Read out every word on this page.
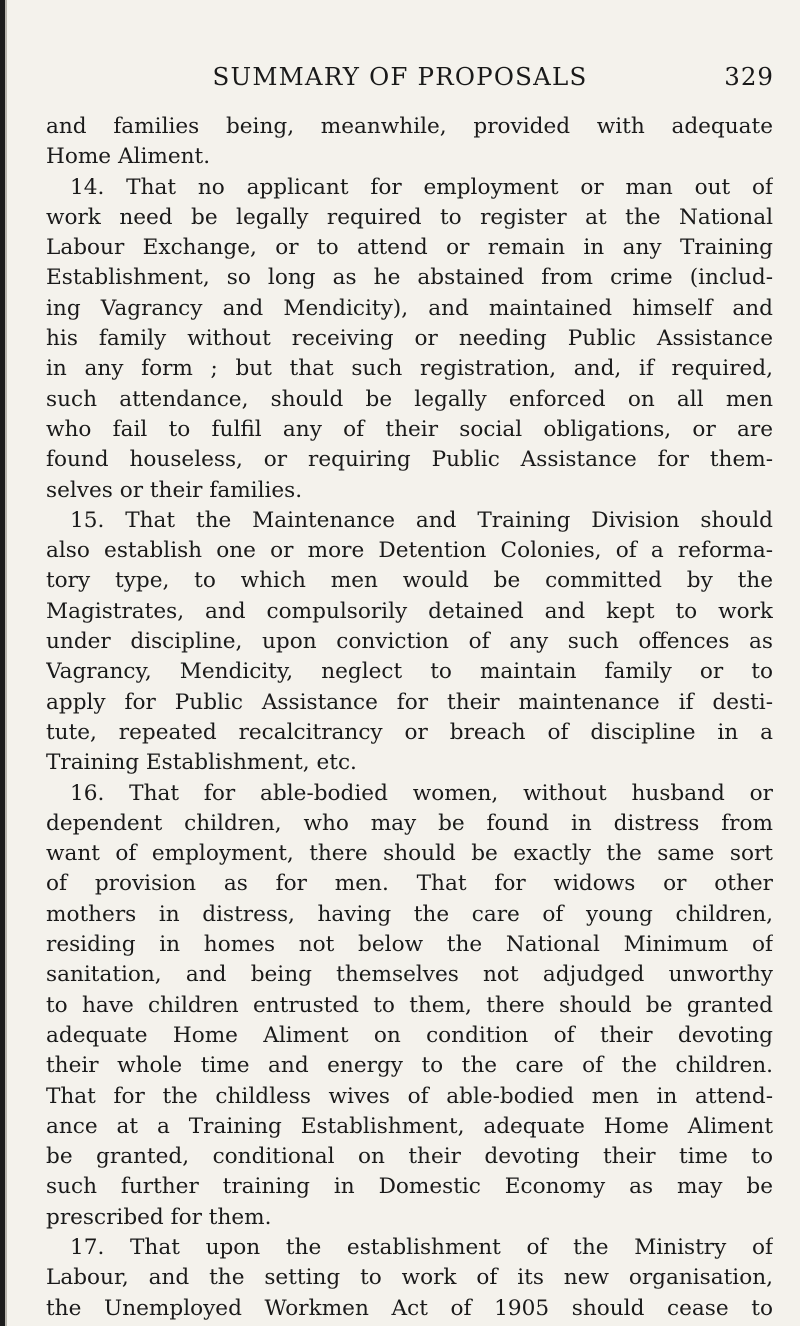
SUMMARY OF PROPOSALS	329
and families being, meanwhile, provided with adequate
Home Aliment.
14. That no applicant for employment or man out of
work need be legally required to register at the National
Labour Exchange, or to attend or remain in any Training
Establishment, so long as he abstained from crime (includ-
ing Vagrancy and Mendicity), and maintained himself and
his family without receiving or needing Public Assistance
in any form ; but that such registration, and, if required,
such attendance, should be legally enforced on all men
who fail to fulfil any of their social obligations, or are
found houseless, or requiring Public Assistance for them-
selves or their families.
15. That the Maintenance and Training Division should
also establish one or more Detention Colonies, of a reforma-
tory type, to which men would be committed by the
Magistrates, and compulsorily detained and kept to work
under discipline, upon conviction of any such offences as
Vagrancy, Mendicity, neglect to maintain family or to
apply for Public Assistance for their maintenance if desti-
tute, repeated recalcitrancy or breach of discipline in a
Training Establishment, etc.
16. That for able-bodied women, without husband or
dependent children, who may be found in distress from
want of employment, there should be exactly the same sort
of provision as for men. That for widows or other
mothers in distress, having the care of young children,
residing in homes not below the National Minimum of
sanitation, and being themselves not adjudged unworthy
to have children entrusted to them, there should be granted
adequate Home Aliment on condition of their devoting
their whole time and energy to the care of the children.
That for the childless wives of able-bodied men in attend-
ance at a Training Establishment, adequate Home Aliment
be granted, conditional on their devoting their time to
such further training in Domestic Economy as may be
prescribed for them.
17. That upon the establishment of the Ministry of
Labour, and the setting to work of its new organisation,
the Unemployed Workmen Act of 1905 should cease to
